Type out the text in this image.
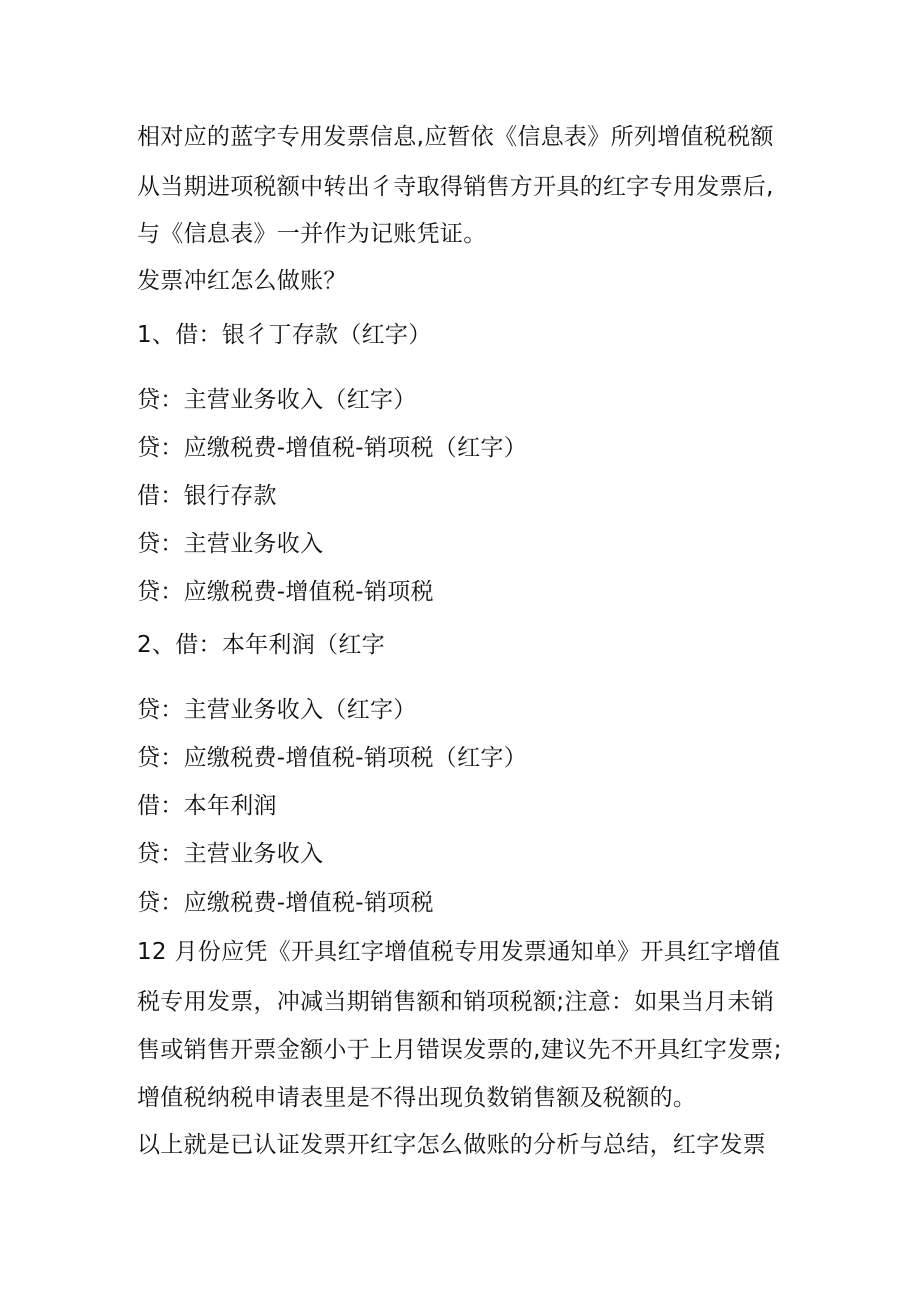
相对应的蓝字专用发票信息,应暂依《信息表》所列增值税税额
从当期进项税额中转出彳寺取得销售方开具的红字专用发票后,
与《信息表》一并作为记账凭证。
发票冲红怎么做账？
1、借：银彳丁存款（红字）
贷：主营业务收入（红字）
贷：应缴税费-增值税-销项税（红字）
借：银行存款
贷：主营业务收入
贷：应缴税费-增值税-销项税
2、借：本年利润（红字
贷：主营业务收入（红字）
贷：应缴税费-增值税-销项税（红字）
借：本年利润
贷：主营业务收入
贷：应缴税费-增值税-销项税
12 月份应凭《开具红字增值税专用发票通知单》开具红字增值
税专用发票，冲减当期销售额和销项税额;注意：如果当月未销
售或销售开票金额小于上月错误发票的,建议先不开具红字发票;
增值税纳税申请表里是不得出现负数销售额及税额的。
以上就是已认证发票开红字怎么做账的分析与总结，红字发票
